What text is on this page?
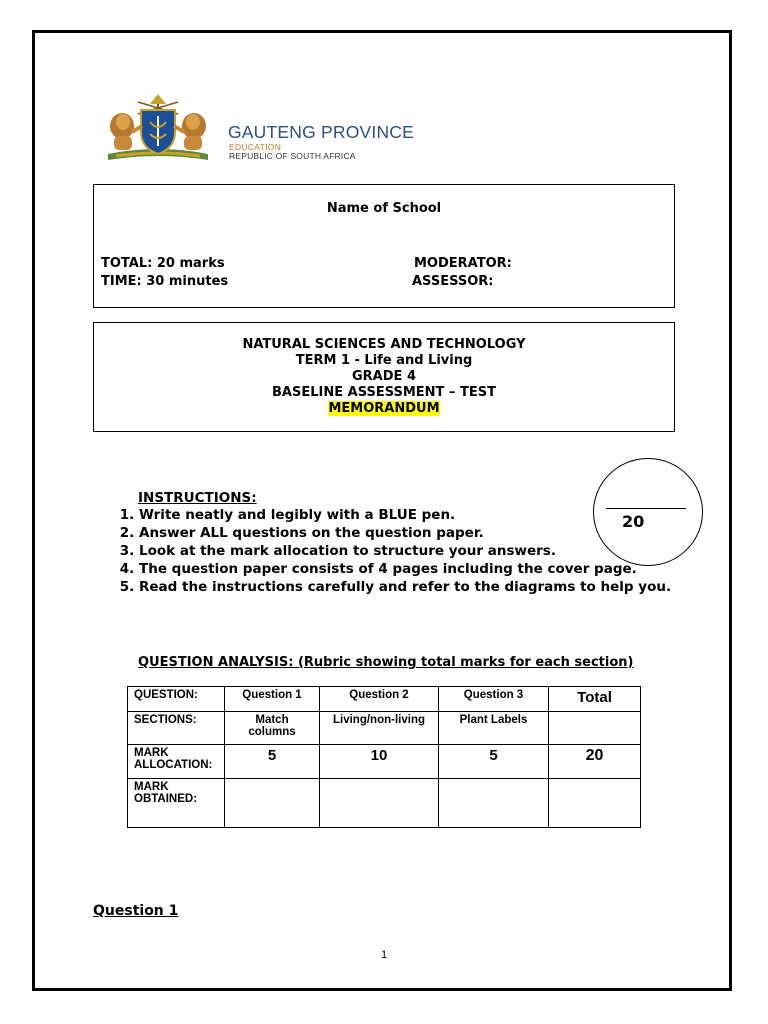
GAUTENG PROVINCE
EDUCATION
REPUBLIC OF SOUTH AFRICA
Name of School
TOTAL: 20 marks
TIME: 30 minutes
MODERATOR:
ASSESSOR:
NATURAL SCIENCES AND TECHNOLOGY
TERM 1 - Life and Living
GRADE 4
BASELINE ASSESSMENT – TEST
MEMORANDUM
20
INSTRUCTIONS:
1. Write neatly and legibly with a BLUE pen.
2. Answer ALL questions on the question paper.
3. Look at the mark allocation to structure your answers.
4. The question paper consists of 4 pages including the cover page.
5. Read the instructions carefully and refer to the diagrams to help you.
QUESTION ANALYSIS: (Rubric showing total marks for each section)
QUESTION:	Question 1	Question 2	Question 3	Total
SECTIONS:	Match columns	Living/non-living	Plant Labels	
MARK ALLOCATION:	5	10	5	20
MARK OBTAINED:				
Question 1
1
